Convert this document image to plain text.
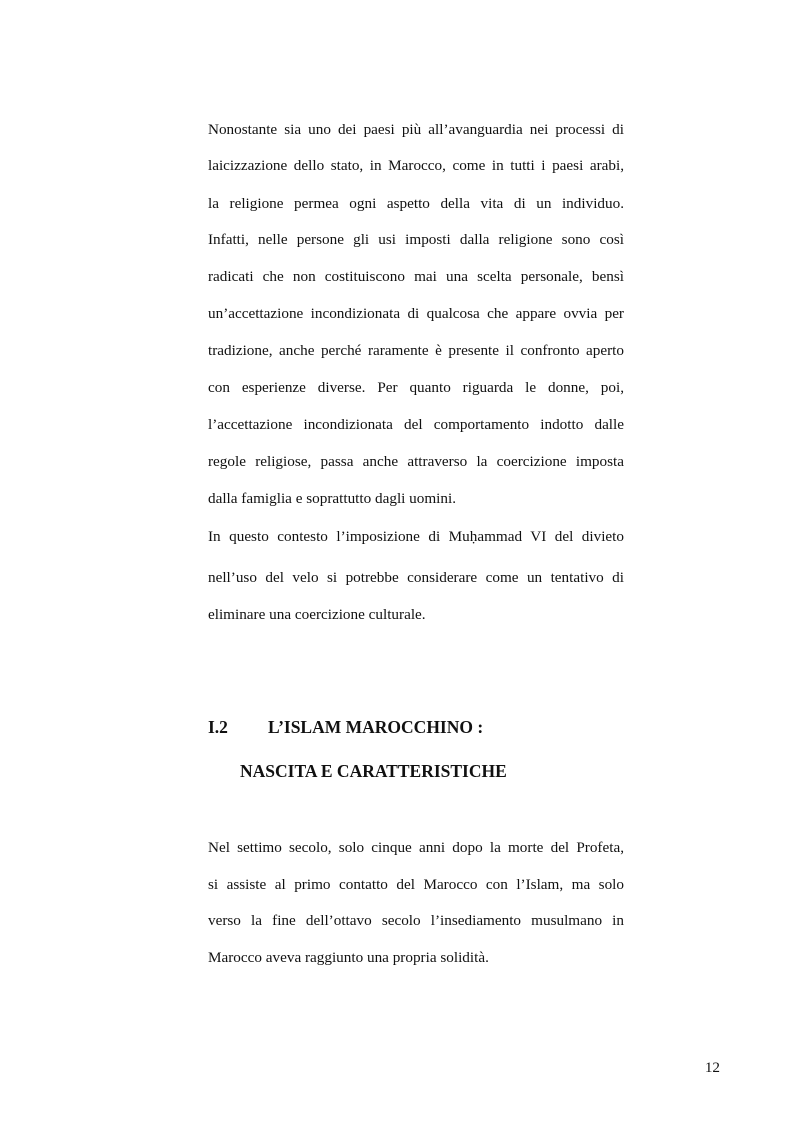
Nonostante sia uno dei paesi più all’avanguardia nei processi di
laicizzazione dello stato, in Marocco, come in tutti i paesi arabi,
la religione permea ogni aspetto della vita di un individuo.
Infatti, nelle persone gli usi imposti dalla religione sono così
radicati che non costituiscono mai una scelta personale, bensì
un’accettazione incondizionata di qualcosa che appare ovvia per
tradizione, anche perché raramente è presente il confronto aperto
con esperienze diverse. Per quanto riguarda le donne, poi,
l’accettazione incondizionata del comportamento indotto dalle
regole religiose, passa anche attraverso la coercizione imposta
dalla famiglia e soprattutto dagli uomini.
In questo contesto l’imposizione di Muḥammad VI del divieto
nell’uso del velo si potrebbe considerare come un tentativo di
eliminare una coercizione culturale.
I.2 L’ISLAM MAROCCHINO :
NASCITA E CARATTERISTICHE
Nel settimo secolo, solo cinque anni dopo la morte del Profeta,
si assiste al primo contatto del Marocco con l’Islam, ma solo
verso la fine dell’ottavo secolo l’insediamento musulmano in
Marocco aveva raggiunto una propria solidità.
12
